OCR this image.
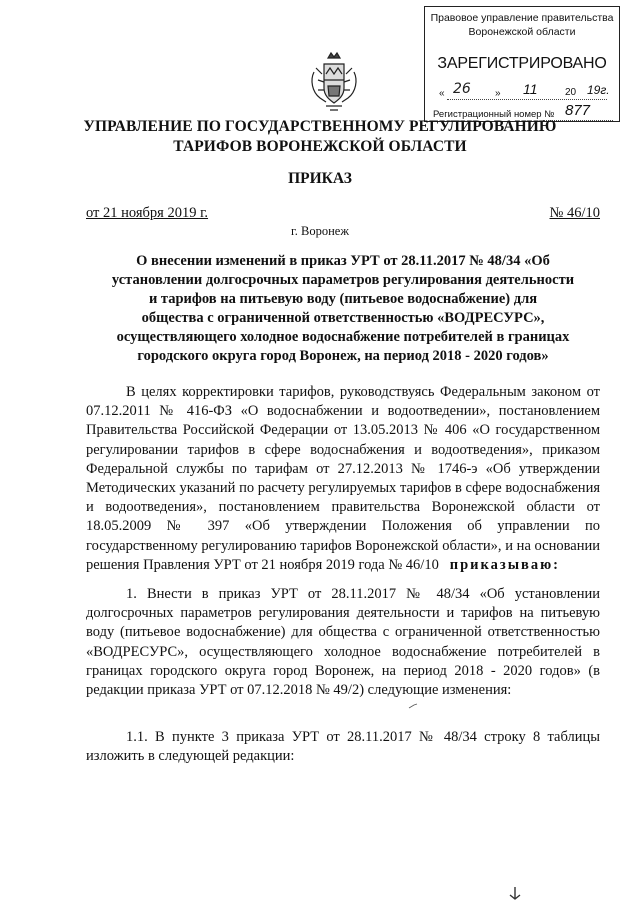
Правовое управление правительства
Воронежской области
ЗАРЕГИСТРИРОВАНО
« 26 » 11	20 19г.
Регистрационный номер № 877
УПРАВЛЕНИЕ ПО ГОСУДАРСТВЕННОМУ РЕГУЛИРОВАНИЮ
ТАРИФОВ ВОРОНЕЖСКОЙ ОБЛАСТИ
ПРИКАЗ
от 21 ноября 2019 г.	№ 46/10
г. Воронеж
О внесении изменений в приказ УРТ от 28.11.2017 № 48/34 «Об
установлении долгосрочных параметров регулирования деятельности
и тарифов на питьевую воду (питьевое водоснабжение) для
общества с ограниченной ответственностью «ВОДРЕСУРС»,
осуществляющего холодное водоснабжение потребителей в границах
городского округа город Воронеж, на период 2018 - 2020 годов»
В целях корректировки тарифов, руководствуясь Федеральным законом от 07.12.2011 № 416-ФЗ «О водоснабжении и водоотведении», постановлением Правительства Российской Федерации от 13.05.2013 № 406 «О государственном регулировании тарифов в сфере водоснабжения и водоотведения», приказом Федеральной службы по тарифам от 27.12.2013 № 1746-э «Об утверждении Методических указаний по расчету регулируемых тарифов в сфере водоснабжения и водоотведения», постановлением правительства Воронежской области от 18.05.2009 № 397 «Об утверждении Положения об управлении по государственному регулированию тарифов Воронежской области», и на основании решения Правления УРТ от 21 ноября 2019 года № 46/10 приказываю:
1. Внести в приказ УРТ от 28.11.2017 № 48/34 «Об установлении долгосрочных параметров регулирования деятельности и тарифов на питьевую воду (питьевое водоснабжение) для общества с ограниченной ответственностью «ВОДРЕСУРС», осуществляющего холодное водоснабжение потребителей в границах городского округа город Воронеж, на период 2018 - 2020 годов» (в редакции приказа УРТ от 07.12.2018 № 49/2) следующие изменения:
1.1. В пункте 3 приказа УРТ от 28.11.2017 № 48/34 строку 8 таблицы изложить в следующей редакции:
